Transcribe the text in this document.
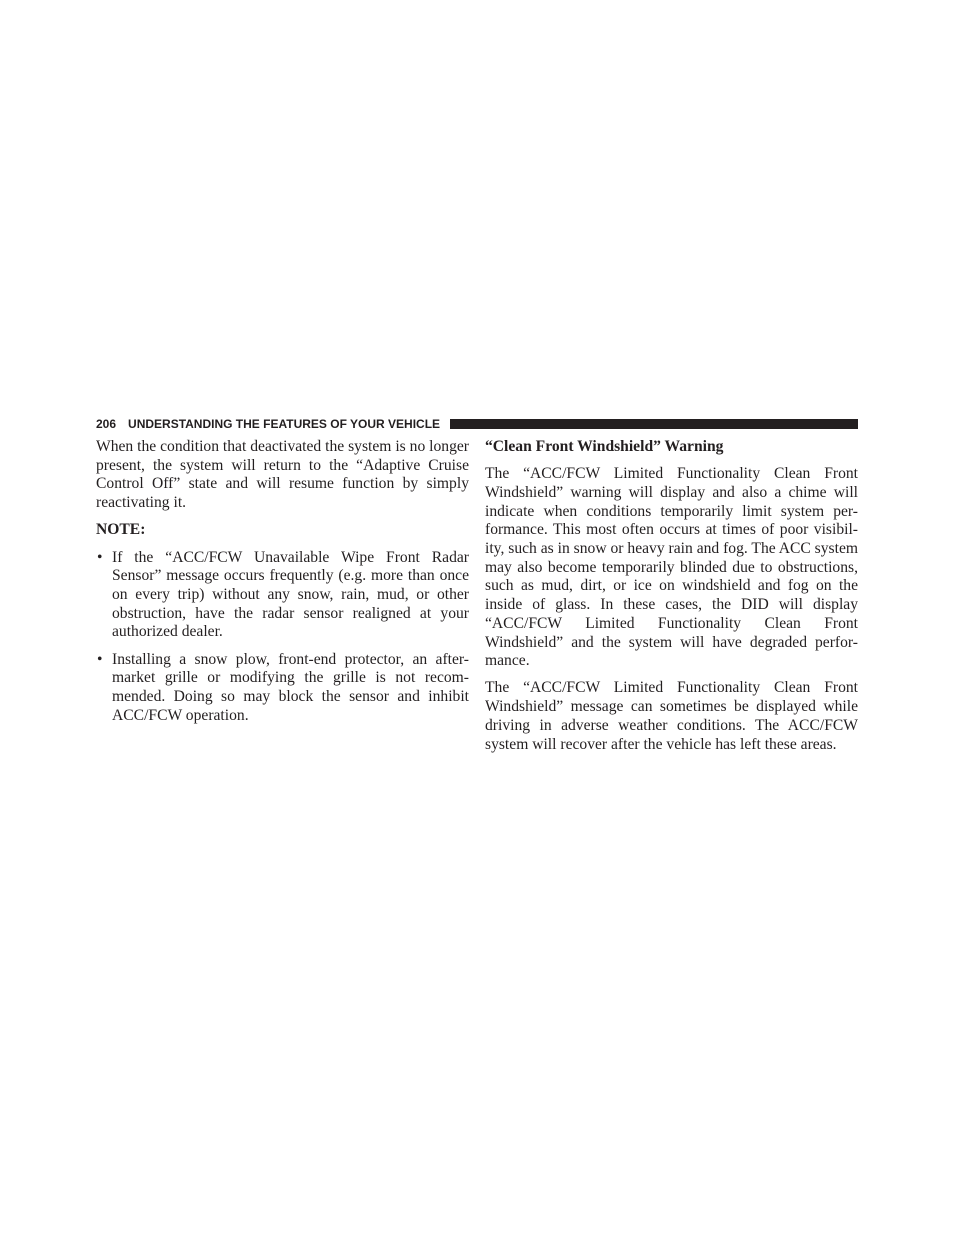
206 UNDERSTANDING THE FEATURES OF YOUR VEHICLE

When the condition that deactivated the system is no longer present, the system will return to the “Adaptive Cruise Control Off” state and will resume function by simply reactivating it.

NOTE:
• If the “ACC/FCW Unavailable Wipe Front Radar Sensor” message occurs frequently (e.g. more than once on every trip) without any snow, rain, mud, or other obstruction, have the radar sensor realigned at your authorized dealer.
• Installing a snow plow, front-end protector, an after-market grille or modifying the grille is not recom-mended. Doing so may block the sensor and inhibit ACC/FCW operation.
“Clean Front Windshield” Warning

The “ACC/FCW Limited Functionality Clean Front Windshield” warning will display and also a chime will indicate when conditions temporarily limit system per-formance. This most often occurs at times of poor visibil-ity, such as in snow or heavy rain and fog. The ACC system may also become temporarily blinded due to obstructions, such as mud, dirt, or ice on windshield and fog on the inside of glass. In these cases, the DID will display “ACC/FCW Limited Functionality Clean Front Windshield” and the system will have degraded perfor-mance.

The “ACC/FCW Limited Functionality Clean Front Windshield” message can sometimes be displayed while driving in adverse weather conditions. The ACC/FCW system will recover after the vehicle has left these areas.
